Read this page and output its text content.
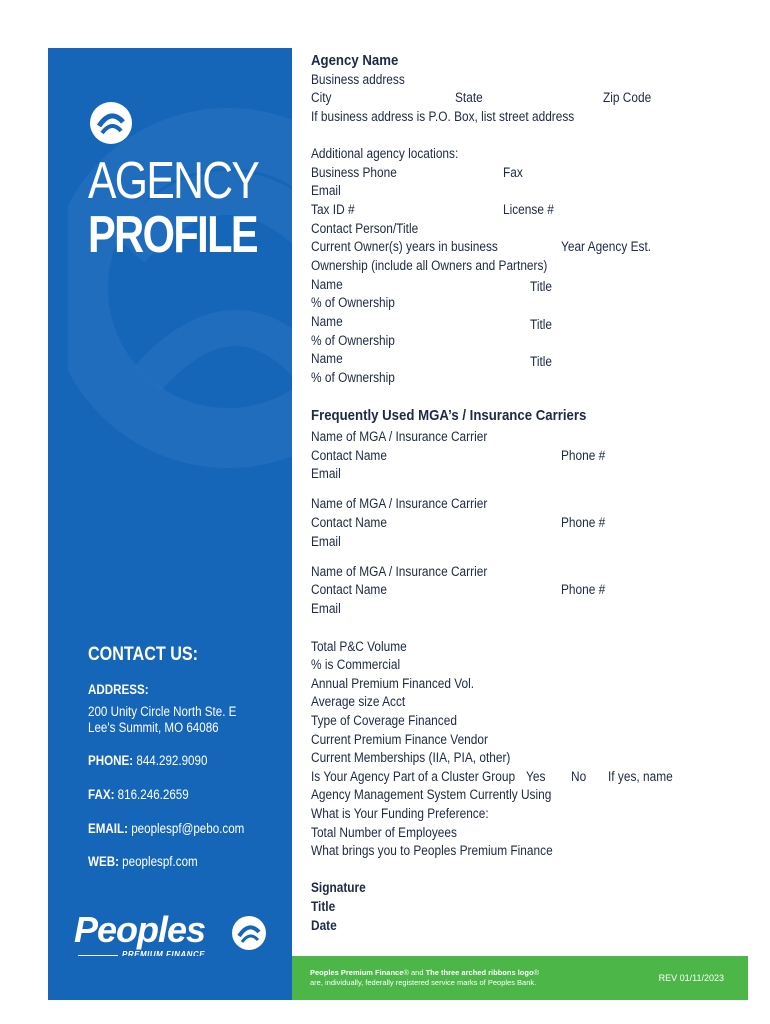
AGENCY
PROFILE
CONTACT US:
ADDRESS:
200 Unity Circle North Ste. E
Lee's Summit, MO 64086
PHONE: 844.292.9090
FAX: 816.246.2659
EMAIL: peoplespf@pebo.com
WEB: peoplespf.com
Peoples
PREMIUM FINANCE
Agency Name
Business address
City	State	Zip Code
If business address is P.O. Box, list street address
Additional agency locations:
Business Phone	Fax
Email
Tax ID #	License #
Contact Person/Title
Current Owner(s) years in business	Year Agency Est.
Ownership (include all Owners and Partners)
Name	Title
% of Ownership
Name	Title
% of Ownership
Name	Title
% of Ownership
Frequently Used MGA’s / Insurance Carriers
Name of MGA / Insurance Carrier
Contact Name	Phone #
Email
Name of MGA / Insurance Carrier
Contact Name	Phone #
Email
Name of MGA / Insurance Carrier
Contact Name	Phone #
Email
Total P&C Volume
% is Commercial
Annual Premium Financed Vol.
Average size Acct
Type of Coverage Financed
Current Premium Finance Vendor
Current Memberships (IIA, PIA, other)
Is Your Agency Part of a Cluster Group Yes No If yes, name
Agency Management System Currently Using
What is Your Funding Preference:
Total Number of Employees
What brings you to Peoples Premium Finance
Signature
Title
Date
Peoples Premium Finance® and The three arched ribbons logo®
are, individually, federally registered service marks of Peoples Bank.	REV 01/11/2023
